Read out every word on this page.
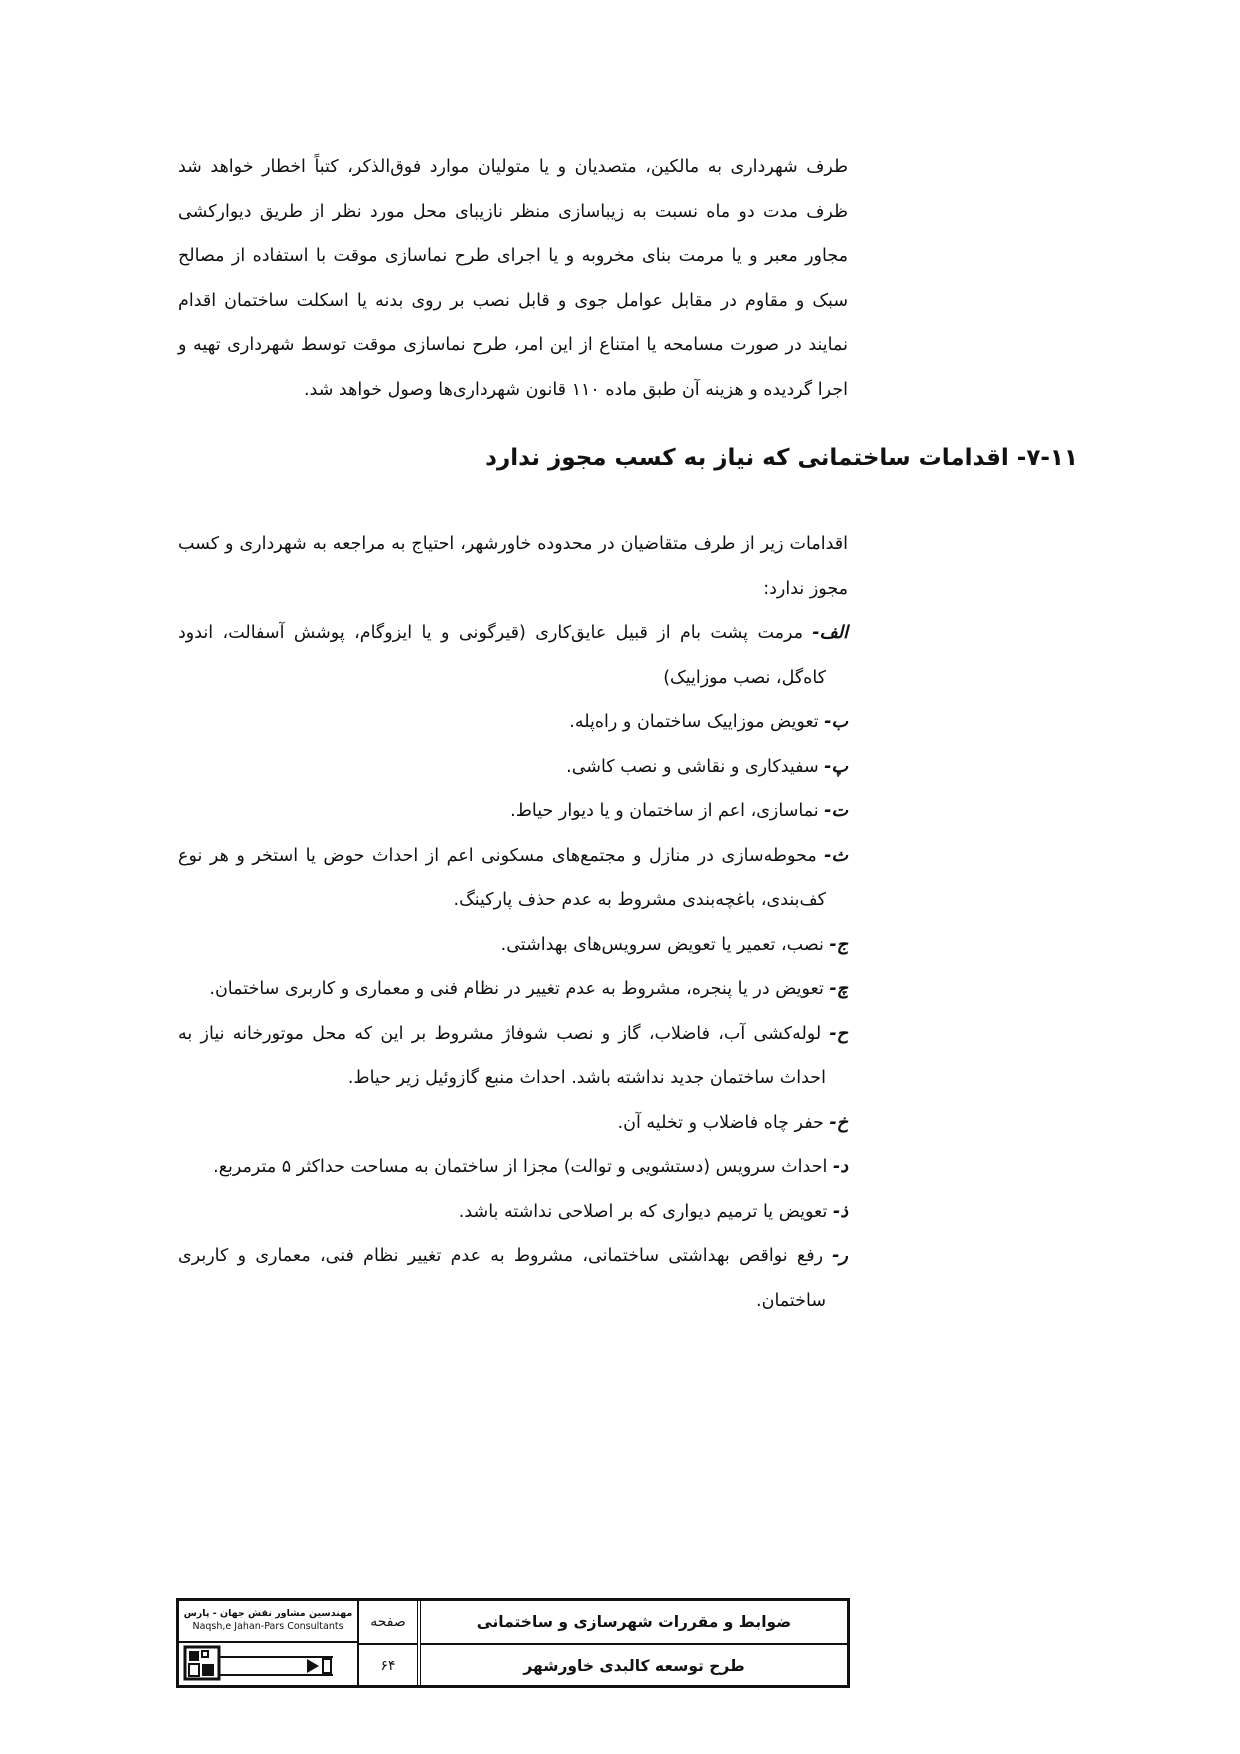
طرف شهرداری به مالکین، متصدیان و یا متولیان موارد فوق‌الذکر، کتباً اخطار خواهد شد ظرف مدت دو ماه نسبت به زیباسازی منظر نازیبای محل مورد نظر از طریق دیوارکشی مجاور معبر و یا مرمت بنای مخروبه و یا اجرای طرح نماسازی موقت با استفاده از مصالح سبک و مقاوم در مقابل عوامل جوی و قابل نصب بر روی بدنه یا اسکلت ساختمان اقدام نمایند در صورت مسامحه یا امتناع از این امر، طرح نماسازی موقت توسط شهرداری تهیه و اجرا گردیده و هزینه آن طبق ماده ۱۱۰ قانون شهرداری‌ها وصول خواهد شد.

۷-۱۱- اقدامات ساختمانی که نیاز به کسب مجوز ندارد

اقدامات زیر از طرف متقاضیان در محدوده خاورشهر، احتیاج به مراجعه به شهرداری و کسب مجوز ندارد:

الف- مرمت پشت بام از قبیل عایق‌کاری (قیرگونی و یا ایزوگام، پوشش آسفالت، اندود کاه‌گل، نصب موزاییک)
ب- تعویض موزاییک ساختمان و راه‌پله.
پ- سفیدکاری و نقاشی و نصب کاشی.
ت- نماسازی، اعم از ساختمان و یا دیوار حیاط.
ث- محوطه‌سازی در منازل و مجتمع‌های مسکونی اعم از احداث حوض یا استخر و هر نوع کف‌بندی، باغچه‌بندی مشروط به عدم حذف پارکینگ.
ج- نصب، تعمیر یا تعویض سرویس‌های بهداشتی.
چ- تعویض در یا پنجره، مشروط به عدم تغییر در نظام فنی و معماری و کاربری ساختمان.
ح- لوله‌کشی آب، فاضلاب، گاز و نصب شوفاژ مشروط بر این که محل موتورخانه نیاز به احداث ساختمان جدید نداشته باشد. احداث منبع گازوئیل زیر حیاط.
خ- حفر چاه فاضلاب و تخلیه آن.
د- احداث سرویس (دستشویی و توالت) مجزا از ساختمان به مساحت حداکثر ۵ مترمربع.
ذ- تعویض یا ترمیم دیواری که بر اصلاحی نداشته باشد.
ر- رفع نواقص بهداشتی ساختمانی، مشروط به عدم تغییر نظام فنی، معماری و کاربری ساختمان.
ضوابط و مقررات شهرسازی و ساختمانی
طرح توسعه کالبدی خاورشهر
صفحه
۶۴
مهندسین مشاور نقش جهان - پارس
Naqsh,e Jahan-Pars Consultants
